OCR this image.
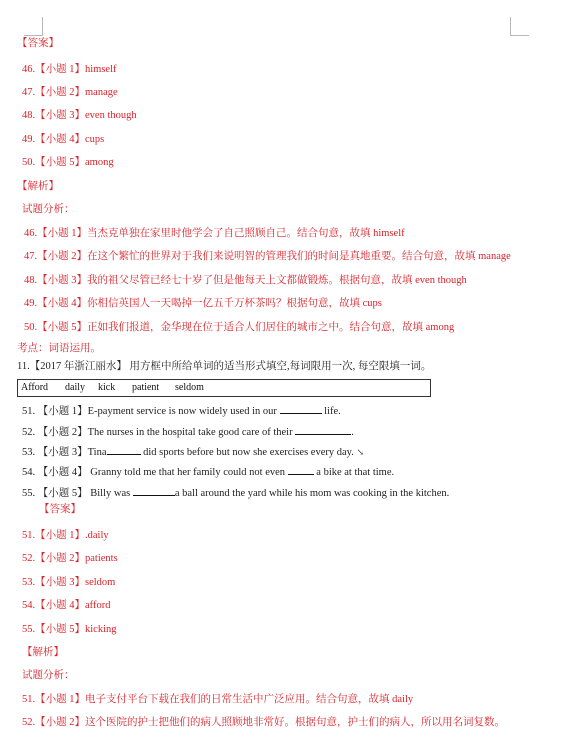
【答案】
46.【小题 1】himself
47.【小题 2】manage
48.【小题 3】even though
49.【小题 4】cups
50.【小题 5】among
【解析】
试题分析：
46.【小题 1】当杰克单独在家里时他学会了自己照顾自己。结合句意，故填 himself
47.【小题 2】在这个繁忙的世界对于我们来说明智的管理我们的时间是真地重要。结合句意，故填 manage
48.【小题 3】我的祖父尽管已经七十岁了但是他每天上文都做锻炼。根据句意，故填 even though
49.【小题 4】你相信英国人一天喝掉一亿五千万杯茶吗？根据句意，故填 cups
50.【小题 5】正如我们报道，金华现在位于适合人们居住的城市之中。结合句意，故填 among
考点：词语运用。
11.【2017 年浙江丽水】 用方框中所给单词的适当形式填空,每词限用一次, 每空限填一词。
Afford daily kick patient seldom
51. 【小题 1】E-payment service is now widely used in our	life.
52. 【小题 2】The nurses in the hospital take good care of their	.
53. 【小题 3】Tina	did sports before but now she exercises every day. ↘
54. 【小题 4】 Granny told me that her family could not even	a bike at that time.
55. 【小题 5】 Billy was	a ball around the yard while his mom was cooking in the kitchen.
【答案】
51.【小题 1】.daily
52.【小题 2】patients
53.【小题 3】seldom
54.【小题 4】afford
55.【小题 5】kicking
【解析】
试题分析：
51.【小题 1】电子支付平台下载在我们的日常生活中广泛应用。结合句意，故填 daily
52.【小题 2】这个医院的护士把他们的病人照顾地非常好。根据句意，护士们的病人，所以用名词复数。
